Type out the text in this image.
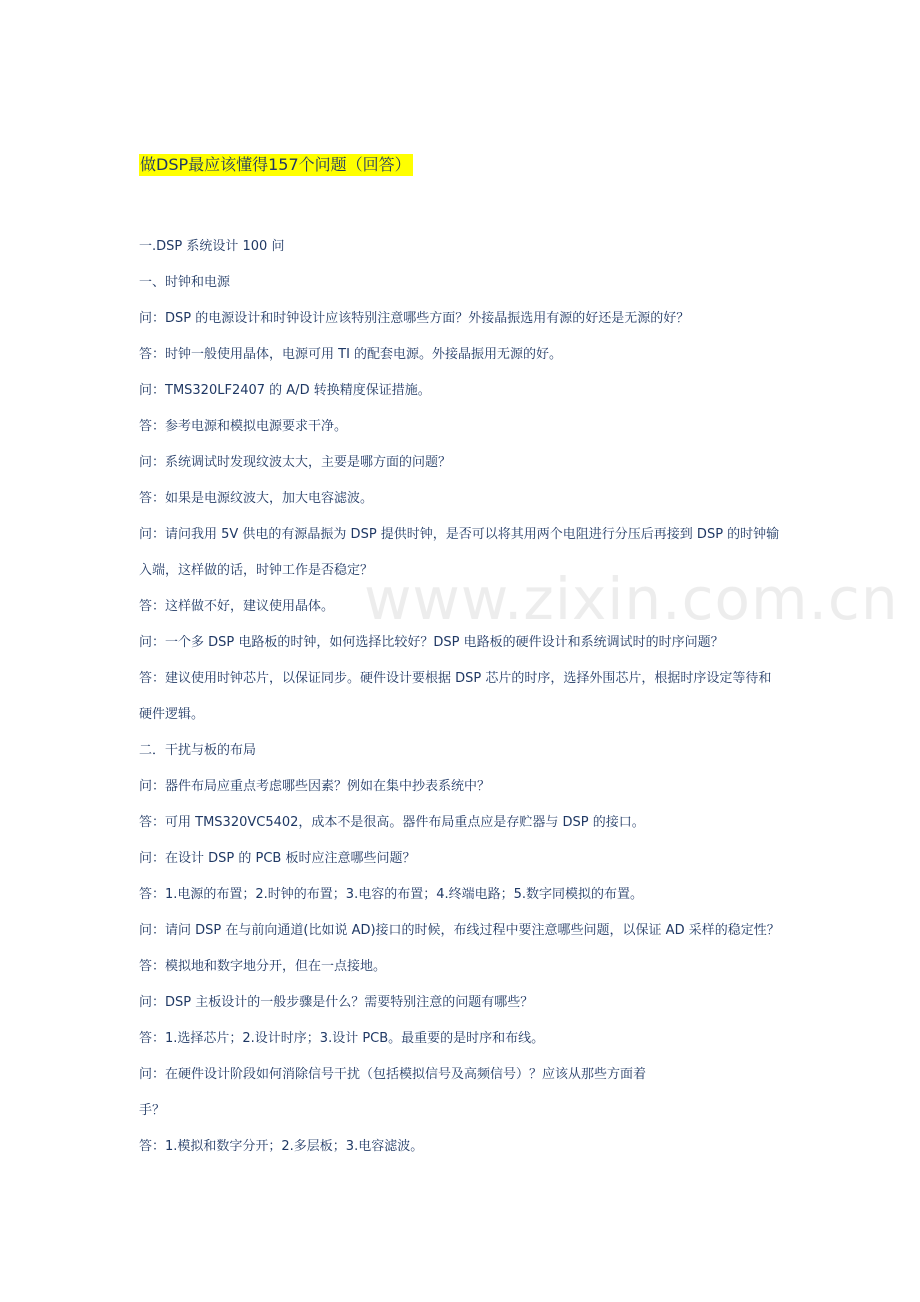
www.zixin.com.cn
做DSP最应该懂得157个问题（回答）

一.DSP 系统设计 100 问

一、时钟和电源

问：DSP 的电源设计和时钟设计应该特别注意哪些方面？外接晶振选用有源的好还是无源的好？

答：时钟一般使用晶体，电源可用 TI 的配套电源。外接晶振用无源的好。

问：TMS320LF2407 的 A/D 转换精度保证措施。

答：参考电源和模拟电源要求干净。

问：系统调试时发现纹波太大，主要是哪方面的问题？

答：如果是电源纹波大，加大电容滤波。

问：请问我用 5V 供电的有源晶振为 DSP 提供时钟，是否可以将其用两个电阻进行分压后再接到 DSP 的时钟输入端，这样做的话，时钟工作是否稳定？

答：这样做不好，建议使用晶体。

问：一个多 DSP 电路板的时钟，如何选择比较好？DSP 电路板的硬件设计和系统调试时的时序问题？

答：建议使用时钟芯片，以保证同步。硬件设计要根据 DSP 芯片的时序，选择外围芯片，根据时序设定等待和硬件逻辑。

二．干扰与板的布局

问：器件布局应重点考虑哪些因素？例如在集中抄表系统中？

答：可用 TMS320VC5402，成本不是很高。器件布局重点应是存贮器与 DSP 的接口。

问：在设计 DSP 的 PCB 板时应注意哪些问题？

答：1.电源的布置；2.时钟的布置；3.电容的布置；4.终端电路；5.数字同模拟的布置。

问：请问 DSP 在与前向通道(比如说 AD)接口的时候，布线过程中要注意哪些问题，以保证 AD 采样的稳定性？

答：模拟地和数字地分开，但在一点接地。

问：DSP 主板设计的一般步骤是什么？需要特别注意的问题有哪些？

答：1.选择芯片；2.设计时序；3.设计 PCB。最重要的是时序和布线。

问：在硬件设计阶段如何消除信号干扰（包括模拟信号及高频信号）？应该从那些方面着
手？

答：1.模拟和数字分开；2.多层板；3.电容滤波。
